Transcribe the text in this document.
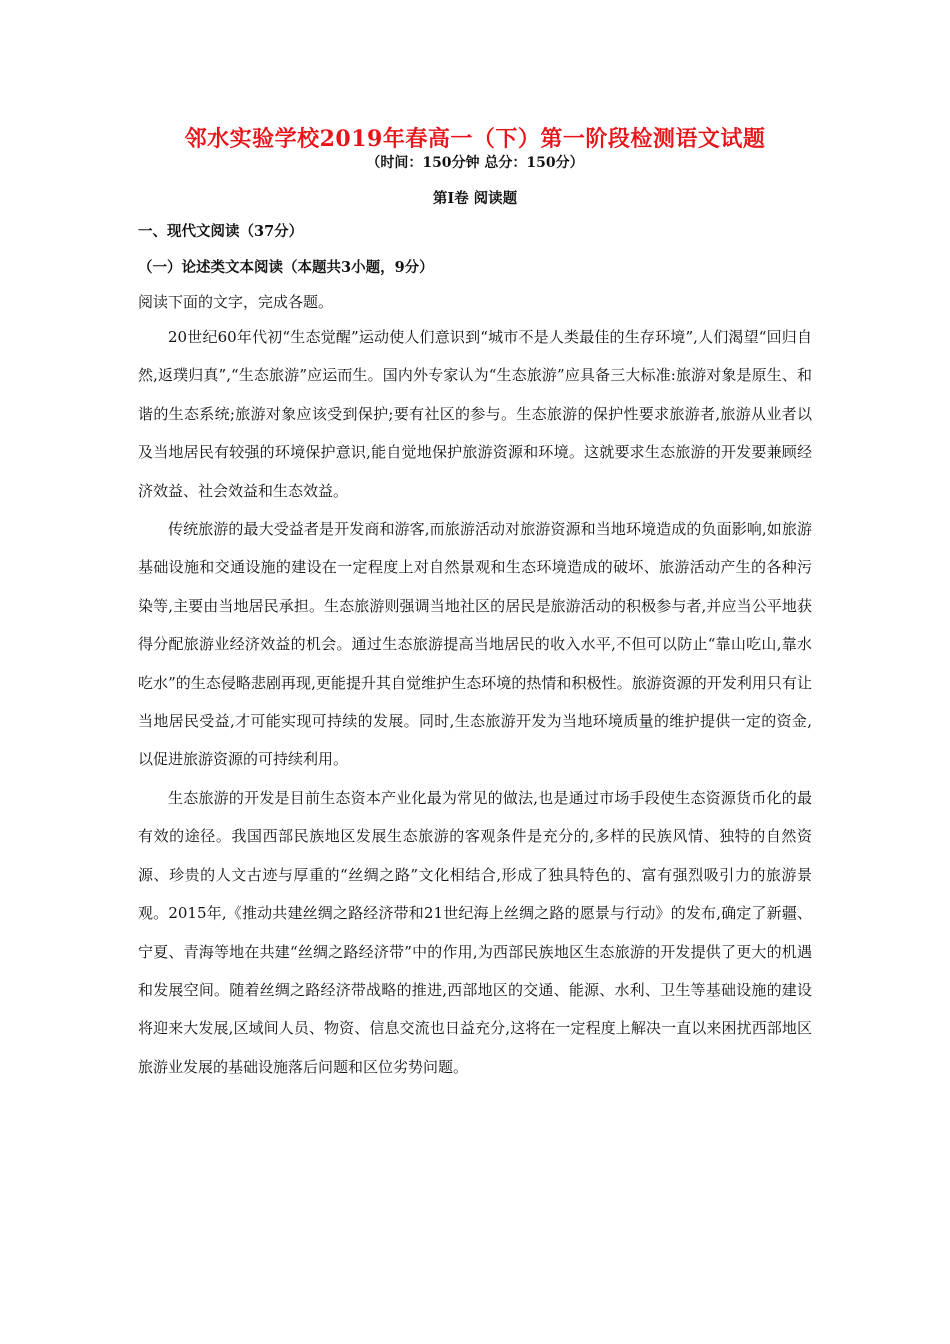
邻水实验学校2019年春高一（下）第一阶段检测语文试题
（时间：150分钟 总分：150分）
第Ⅰ卷 阅读题
一、现代文阅读（37分）
（一）论述类文本阅读（本题共3小题，9分）
阅读下面的文字，完成各题。

20世纪60年代初“生态觉醒”运动使人们意识到“城市不是人类最佳的生存环境”,人们渴望“回归自然,返璞归真”,“生态旅游”应运而生。国内外专家认为“生态旅游”应具备三大标准:旅游对象是原生、和谐的生态系统;旅游对象应该受到保护;要有社区的参与。生态旅游的保护性要求旅游者,旅游从业者以及当地居民有较强的环境保护意识,能自觉地保护旅游资源和环境。这就要求生态旅游的开发要兼顾经济效益、社会效益和生态效益。

传统旅游的最大受益者是开发商和游客,而旅游活动对旅游资源和当地环境造成的负面影响,如旅游基础设施和交通设施的建设在一定程度上对自然景观和生态环境造成的破坏、旅游活动产生的各种污染等,主要由当地居民承担。生态旅游则强调当地社区的居民是旅游活动的积极参与者,并应当公平地获得分配旅游业经济效益的机会。通过生态旅游提高当地居民的收入水平,不但可以防止“靠山吃山,靠水吃水”的生态侵略悲剧再现,更能提升其自觉维护生态环境的热情和积极性。旅游资源的开发利用只有让当地居民受益,才可能实现可持续的发展。同时,生态旅游开发为当地环境质量的维护提供一定的资金,以促进旅游资源的可持续利用。

生态旅游的开发是目前生态资本产业化最为常见的做法,也是通过市场手段使生态资源货币化的最有效的途径。我国西部民族地区发展生态旅游的客观条件是充分的,多样的民族风情、独特的自然资源、珍贵的人文古迹与厚重的“丝绸之路”文化相结合,形成了独具特色的、富有强烈吸引力的旅游景观。2015年,《推动共建丝绸之路经济带和21世纪海上丝绸之路的愿景与行动》的发布,确定了新疆、宁夏、青海等地在共建“丝绸之路经济带”中的作用,为西部民族地区生态旅游的开发提供了更大的机遇和发展空间。随着丝绸之路经济带战略的推进,西部地区的交通、能源、水利、卫生等基础设施的建设将迎来大发展,区域间人员、物资、信息交流也日益充分,这将在一定程度上解决一直以来困扰西部地区旅游业发展的基础设施落后问题和区位劣势问题。
